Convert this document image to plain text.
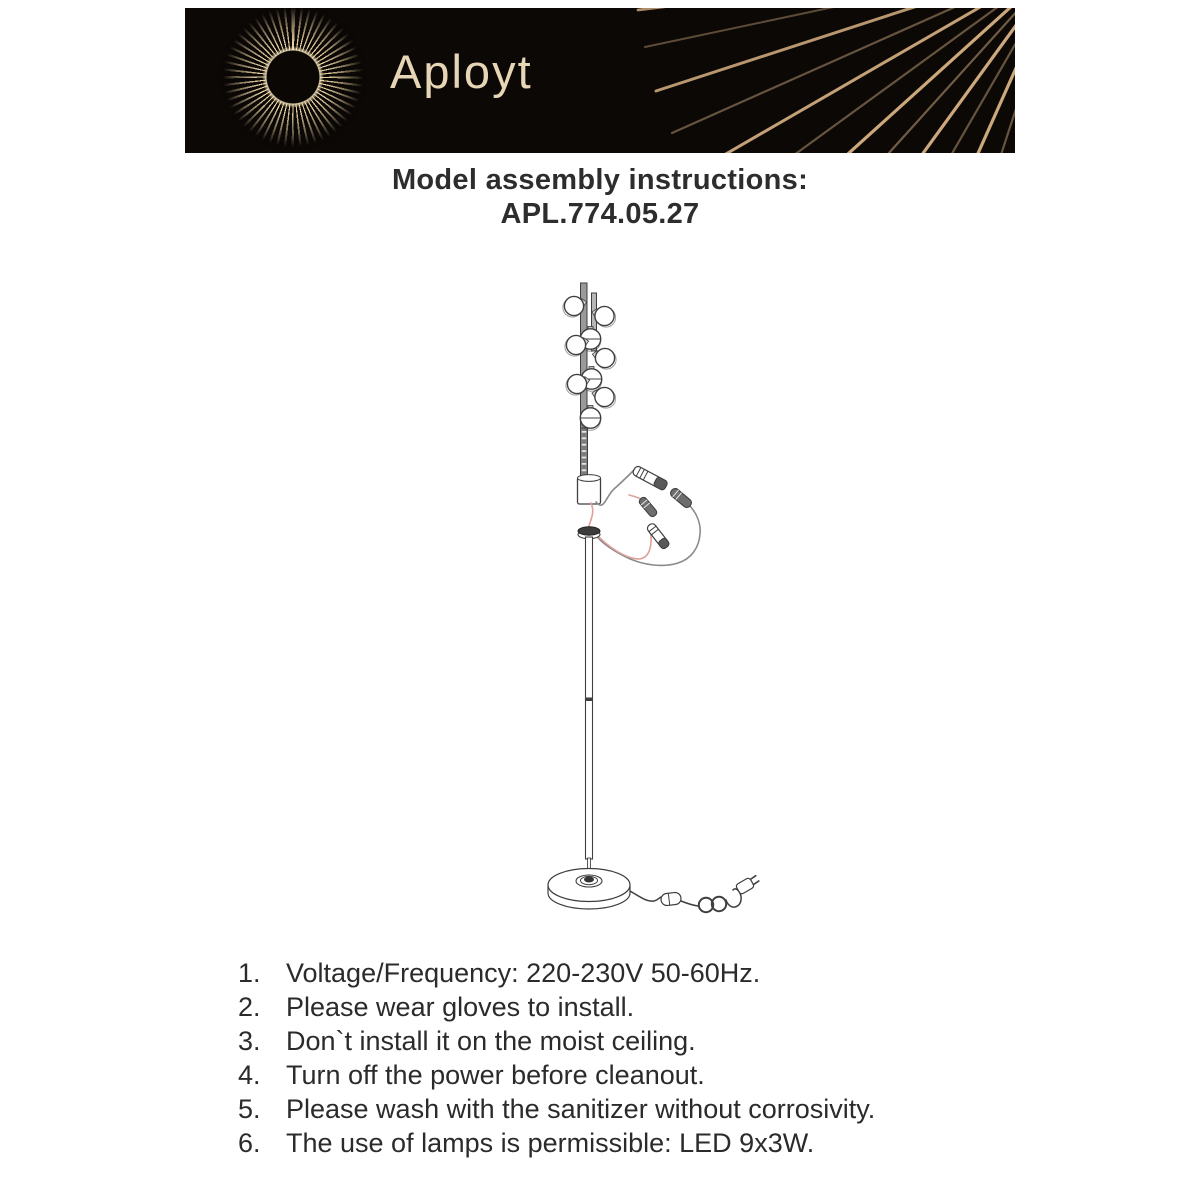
Aployt
Model assembly instructions:
APL.774.05.27
1. Voltage/Frequency: 220-230V 50-60Hz.
2. Please wear gloves to install.
3. Don`t install it on the moist ceiling.
4. Turn off the power before cleanout.
5. Please wash with the sanitizer without corrosivity.
6. The use of lamps is permissible: LED 9x3W.
